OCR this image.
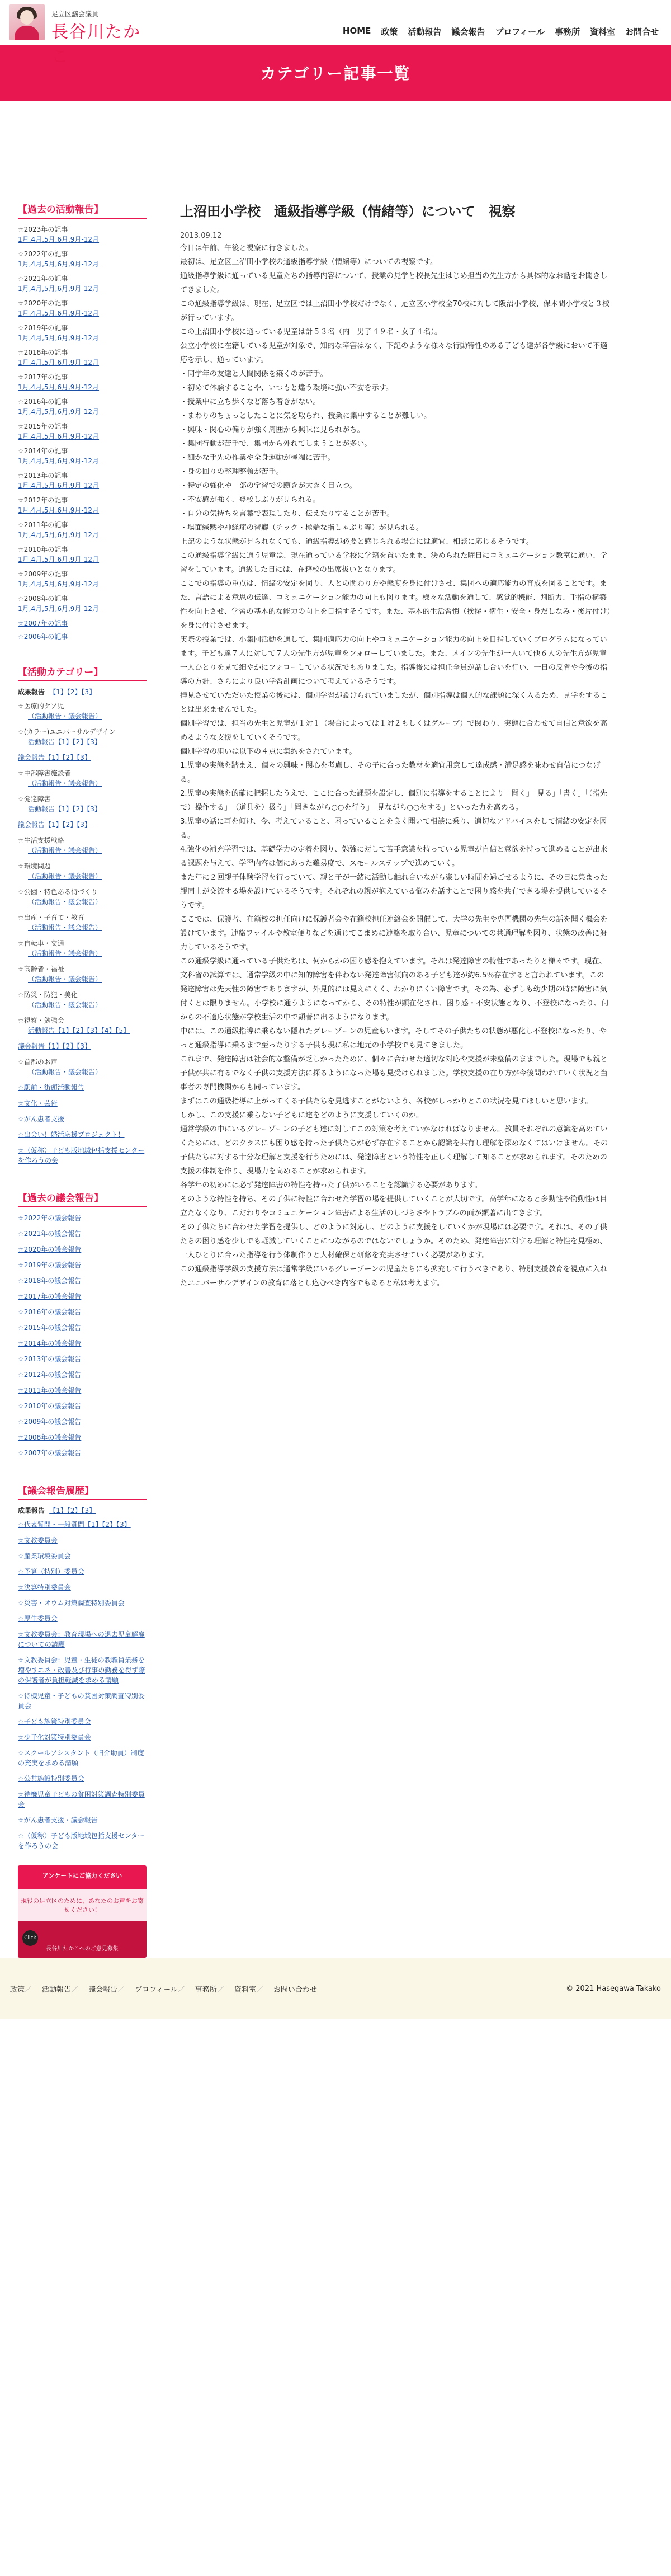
足立区議会議員
長谷川たかこ
HOME 政策 活動報告 議会報告 プロフィール 事務所 資料室 お問合せ
カテゴリー記事一覧
【過去の活動報告】
☆2023年の記事
1月,4月,5月,6月,9月-12月
☆2022年の記事
1月,4月,5月,6月,9月-12月
☆2021年の記事
1月,4月,5月,6月,9月-12月
☆2020年の記事
1月,4月,5月,6月,9月-12月
☆2019年の記事
1月,4月,5月,6月,9月-12月
☆2018年の記事
1月,4月,5月,6月,9月-12月
☆2017年の記事
1月,4月,5月,6月,9月-12月
☆2016年の記事
1月,4月,5月,6月,9月-12月
☆2015年の記事
1月,4月,5月,6月,9月-12月
☆2014年の記事
1月,4月,5月,6月,9月-12月
☆2013年の記事
1月,4月,5月,6月,9月-12月
☆2012年の記事
1月,4月,5月,6月,9月-12月
☆2011年の記事
1月,4月,5月,6月,9月-12月
☆2010年の記事
1月,4月,5月,6月,9月-12月
☆2009年の記事
1月,4月,5月,6月,9月-12月
☆2008年の記事
1月,4月,5月,6月,9月-12月
☆2007年の記事
☆2006年の記事
【活動カテゴリー】
成果報告 【1】【2】【3】
☆医療的ケア児
（活動報告・議会報告）
☆(カラー)ユニバーサルデザイン
活動報告【1】【2】【3】
議会報告【1】【2】【3】
☆中部障害施設者
（活動報告・議会報告）
☆発達障害
活動報告【1】【2】【3】
議会報告【1】【2】【3】
☆生活支援戦略
（活動報告・議会報告）
☆環境問題
（活動報告・議会報告）
☆公園・特色ある街づくり
（活動報告・議会報告）
☆出産・子育て・教育
（活動報告・議会報告）
☆自転車・交通
（活動報告・議会報告）
☆高齢者・福祉
（活動報告・議会報告）
☆防災・防犯・美化
（活動報告・議会報告）
☆視察・勉強会
活動報告【1】【2】【3】【4】【5】
議会報告【1】【2】【3】
☆首都のお声
（活動報告・議会報告）
☆駅前・街頭活動報告
☆文化・芸術
☆がん患者支援
☆出会い！婚活応援プロジェクト！
☆（仮称）子ども版地域包括支援センターを作ろうの会
【過去の議会報告】
☆2022年の議会報告
☆2021年の議会報告
☆2020年の議会報告
☆2019年の議会報告
☆2018年の議会報告
☆2017年の議会報告
☆2016年の議会報告
☆2015年の議会報告
☆2014年の議会報告
☆2013年の議会報告
☆2012年の議会報告
☆2011年の議会報告
☆2010年の議会報告
☆2009年の議会報告
☆2008年の議会報告
☆2007年の議会報告
【議会報告履歴】
成果報告 【1】【2】【3】
☆代表質問・一般質問【1】【2】【3】
☆文教委員会
☆産業環境委員会
☆予算（特別）委員会
☆決算特別委員会
☆災害・オウム対策調査特別委員会
☆厚生委員会
☆文教委員会：教育現場への退去児童解雇についての請願
☆文教委員会：児童・生徒の教職員業務を増やすエネ・改善及び行事の勤務を得ず際の保護者が負担軽減を求める請願
☆待機児童・子どもの貧困対策調査特別委員会
☆子ども施策特別委員会
☆少子化対策特別委員会
☆スクールアシスタント（旧介助員）制度の充実を求める請願
☆公共施設特別委員会
☆待機児童子どもの貧困対策調査特別委員会
☆がん患者支援・議会報告
☆（仮称）子ども版地域包括支援センターを作ろうの会
アンケートにご協力ください
現役の足立区のために、あなたのお声をお寄せください！
Click
長谷川たかこへのご意見募集
上沼田小学校　通級指導学級（情緒等）について　視察
2013.09.12

今日は午前、午後と視察に行きました。

最初は、足立区上沼田小学校の通級指導学級（情緒等）についての視察です。

通級指導学級に通っている児童たちの指導内容について、授業の見学と校長先生はじめ担当の先生方から具体的なお話をお聞きしてきました。

この通級指導学級は、現在、足立区では上沼田小学校だけでなく、足立区小学校全70校に対して阪沼小学校、保木間小学校と３校が行っています。

この上沼田小学校に通っている児童は計５３名（内　男子４９名・女子４名）。

公立小学校に在籍している児童が対象で、知的な障害はなく、下記のような様々な行動特性のある子ども達が各学級において不適応を示し、通っています。

・同学年の友達と人間関係を築くのが苦手。

・初めて体験することや、いつもと違う環境に強い不安を示す。

・授業中に立ち歩くなど落ち着きがない。

・まわりのちょっとしたことに気を取られ、授業に集中することが難しい。

・興味・関心の偏りが強く周囲から興味に見られがち。

・集団行動が苦手で、集団から外れてしまうことが多い。

・細かな手先の作業や全身運動が極端に苦手。

・身の回りの整理整頓が苦手。

・特定の強化や一部の学習での躓きが大きく目立つ。

・不安感が強く、登校しぶりが見られる。

・自分の気持ちを言葉で表現したり、伝えたりすることが苦手。

・場面緘黙や神経症の習癖（チック・極端な指しゃぶり等）が見られる。

上記のような状態が見られなくても、通級指導が必要と感じられる場合には適宜、相談に応じるそうです。

この通級指導学級に通う児童は、現在通っている学校に学籍を置いたまま、決められた曜日にコミュニケーション教室に通い、学習をしています。通級した日には、在籍校の出席扱いとなります。

ここでの指導の重点は、情緒の安定を図り、人との関わり方や態度を身に付けさせ、集団への適応能力の育成を図ることです。また、言語による意思の伝達、コミュニケーション能力の向上も図ります。様々な活動を通して、感覚的機能、判断力、手指の構築性を向上させ、学習の基本的な能力の向上を目指すそうです。また、基本的生活習慣（挨拶・衛生・安全・身だしなみ・後片付け）を身に付けさせます。

実際の授業では、小集団活動を通して、集団適応力の向上やコミュニケーション能力の向上を目指していくプログラムになっています。子ども達７人に対して７人の先生方が児童をフォローしていました。また、メインの先生が一人いて他６人の先生方が児童一人ひとりを見て細やかにフォローしている状況でもありました。指導後には担任全員が話し合いを行い、一日の反省や今後の指導の方針、さらにより良い学習計画について考えているそうです。

拝見させていただいた授業の後には、個別学習が設けられていましたが、個別指導は個人的な課題に深く入るため、見学をすることは出来ませんでした。

個別学習では、担当の先生と児童が１対１（場合によっては１対２もしくはグループ）で関わり、実態に合わせて自信と意欲を高めるような支援をしていくそうです。

個別学習の狙いは以下の４点に集約をされています。

1.児童の実態を踏まえ、個々の興味・関心を考慮し、その子に合った教材を適宜用意して達成感・満足感を味わせ自信につなげる。

2.児童の実態を的確に把握したうえで、ここに合った課題を設定し、個別に指導をすることにより「聞く」「見る」「書く」「（指先で）操作する」「（道具を）扱う」「聞きながら○○を行う」「見ながら○○をする」といった力を高める。

3.児童の話に耳を傾け、今、考えていること、困っていることを良く聞いて相談に乗り、適切なアドバイスをして情緒の安定を図る。

4.強化の補充学習では、基礎学力の定着を図り、勉強に対して苦手意識を持っている児童が自信と意欲を持って進めることが出来る課題を与えて、学習内容は個にあった難易度で、スモールステップで進めていく。

また年に２回親子体験学習を行っていて、親と子が一緒に活動し触れ合いながら楽しい時間を過ごせるように、その日に集まった親同士が交流する場を設けているそうです。それぞれの親が抱えている悩みを話すことで困り感を共有できる場を提供しているそうです。

ここでは、保護者、在籍校の担任向けに保護者会や在籍校担任連絡会を開催して、大学の先生や専門機関の先生の話を聞く機会を設けています。連絡ファイルや教室便りなどを通じてこまめに連絡を取り合い、児童についての共通理解を図り、状態の改善に努力しているそうです。

この通級学級に通っている子供たちは、何からかの困り感を抱えています。それは発達障害の特性であったりと様々です。現在、文科省の試算では、通常学級の中に知的障害を伴わない発達障害傾向のある子ども達が約6.5％存在すると言われています。この発達障害は先天性の障害でありますが、外見的には見えにくく、わかりにくい障害です。その為、必ずしも幼少期の時に障害に気付くとは限りません。小学校に通うようになってから、その特性が顕在化され、困り感・不安状態となり、不登校になったり、何からの不適応状態が学校生活の中で顕著に出るようになります。

中には、この通級指導に乗らない隠れたグレーゾーンの児童もいます。そしてその子供たちの状態が悪化し不登校になったり、やっと通級指導に乗るまで至ったりする子供も現に私は地元の小学校でも見てきました。

これまで、発達障害は社会的な整備が乏しかったために、個々に合わせた適切な対応や支援が未整備のままでした。現場でも親と子供が共に有るでなく子供の支援方法に探るようになった場も見受けられました。学校支援の在り方が今後問われていく状況と当事者の専門機関からも同っています。

まずはこの通級指導に上がってくる子供たちを見逃すことがないよう、各校がしっかりとこの状況を見てほしいと思います。

しかし、この支援に乗らない子どもに達をどのように支援していくのか。

通常学級の中にいるグレーゾーンの子ども達に対してこの対策を考えていかなければなりません。教員それぞれの意識を高めていくためには、どのクラスにも困り感を持った子供たちが必ず存在することから認識を共有し理解を深めなくてはいけません。その子供たちに対する十分な理解と支援を行うためには、発達障害という特性を正しく理解して知ることが求められます。そのための支援の体制を作り、現場力を高めることが求められます。

各学年の初めには必ず発達障害の特性を持った子供がいることを認識する必要があります。

そのような特性を持ち、その子供に特性に合わせた学習の場を提供していくことが大切です。高学年になると多動性や衝動性は目立たなくなり、こだわりやコミュニケーション障害による生活のしづらさやトラブルの面が顕著に出てきます。

その子供たちに合わせた学習を提供し、どのように対応し、どのように支援をしていくかが現場には必要です。それは、その子供たちの困り感を少しでも軽減していくことにつながるのではないでしょうか。そのため、発達障害に対する理解と特性を見極め、一人ひとりに合った指導を行う体制作りと人材確保と研修を充実させていく必要があります。

この通級指導学級の支援方法は通常学級にいるグレーゾーンの児童たちにも拡充して行うべきであり、特別支援教育を視点に入れたユニバーサルデザインの教育に落とし込むべき内容でもあると私は考えます。

政策 ／ 活動報告 ／ 議会報告 ／ プロフィール ／ 事務所 ／ 資料室 ／ お問い合わせ	© 2021 Hasegawa Takako
